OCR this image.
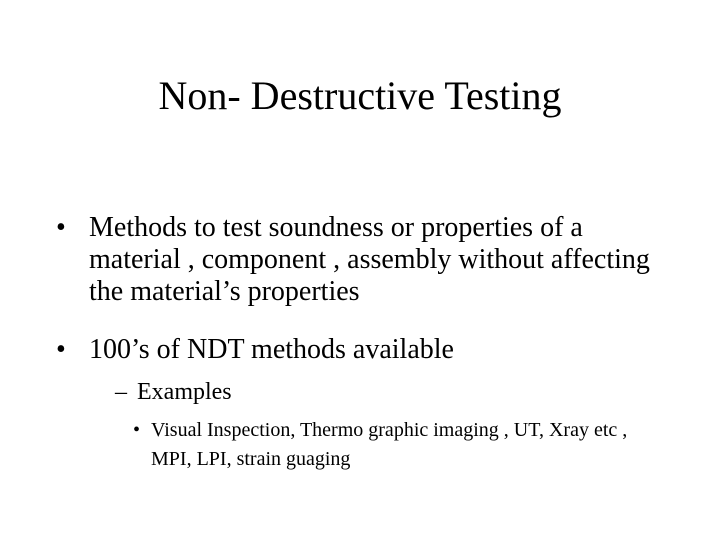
Non- Destructive Testing
• Methods to test soundness or properties of a material , component , assembly without affecting the material’s properties
• 100’s of NDT methods available
– Examples
• Visual Inspection, Thermo graphic imaging , UT, Xray etc , MPI, LPI, strain guaging
